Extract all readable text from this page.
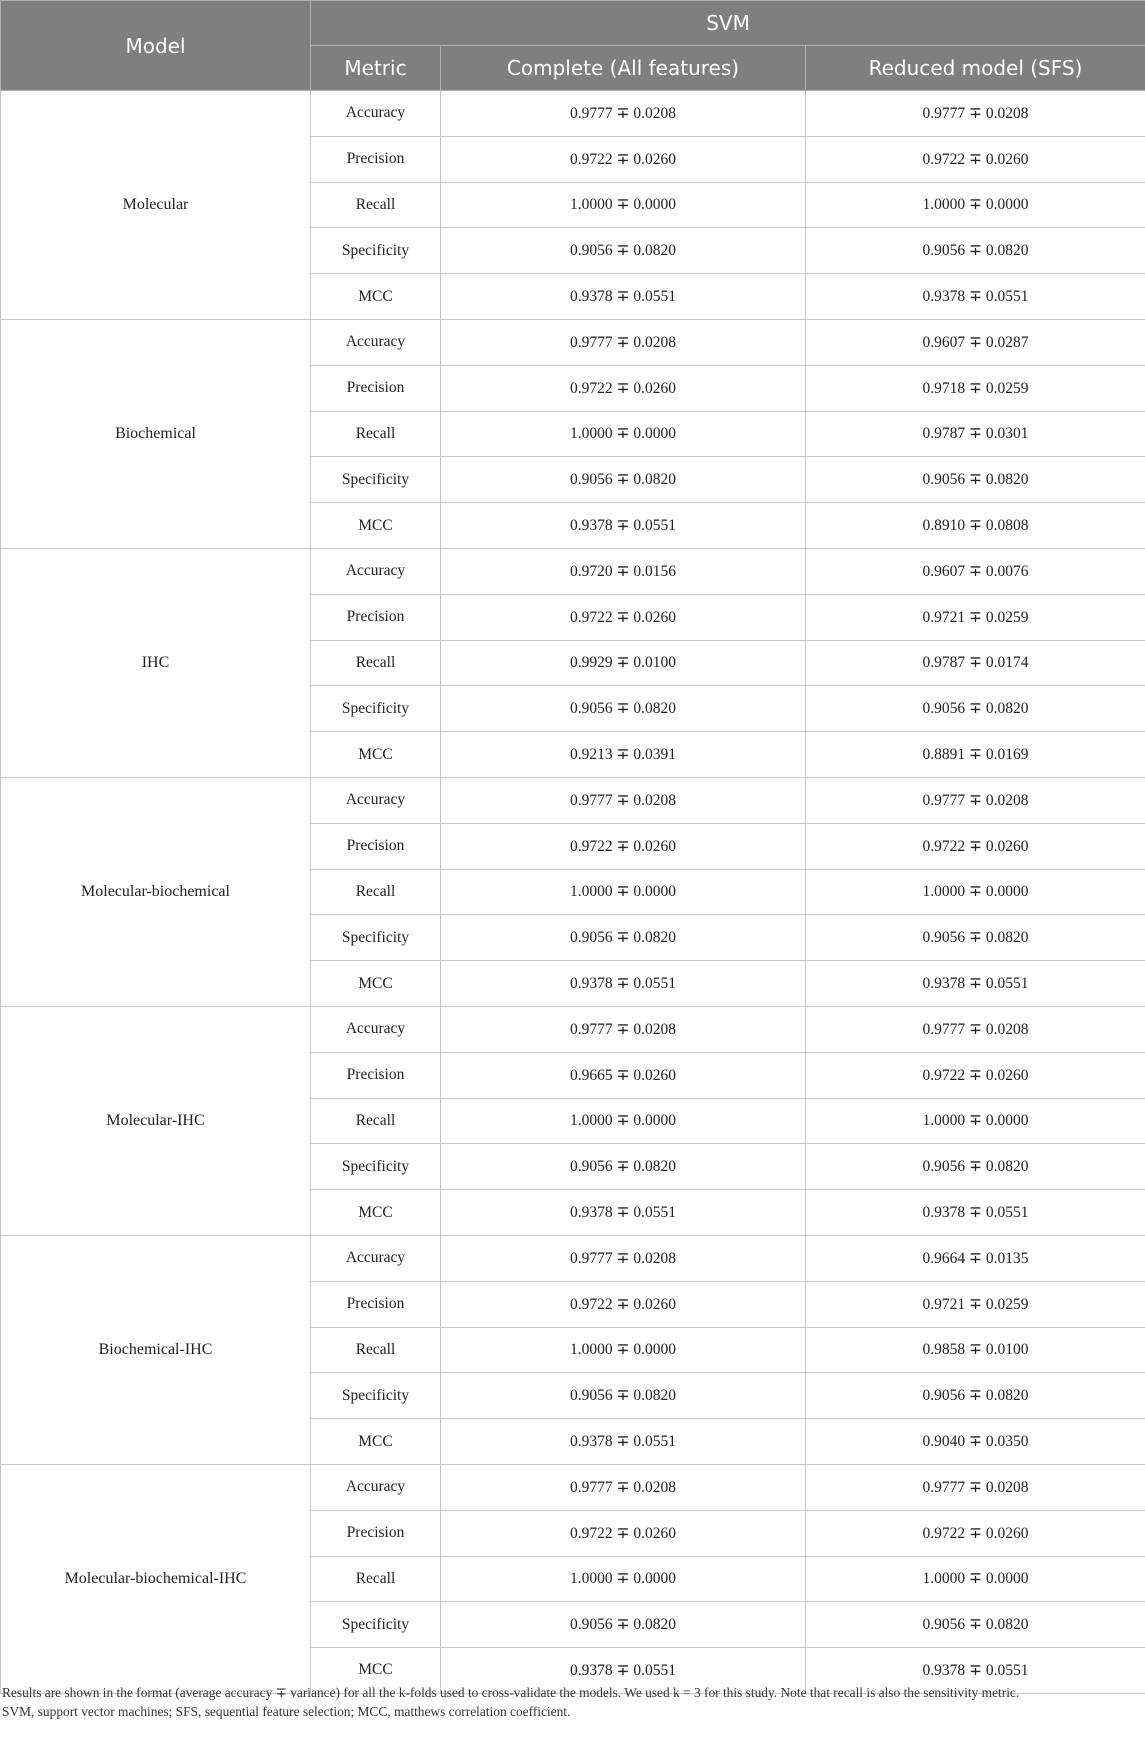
Model	SVM		
	Metric	Complete (All features)	Reduced model (SFS)
Molecular	Accuracy	0.9777 ∓ 0.0208	0.9777 ∓ 0.0208
	Precision	0.9722 ∓ 0.0260	0.9722 ∓ 0.0260
	Recall	1.0000 ∓ 0.0000	1.0000 ∓ 0.0000
	Specificity	0.9056 ∓ 0.0820	0.9056 ∓ 0.0820
	MCC	0.9378 ∓ 0.0551	0.9378 ∓ 0.0551
Biochemical	Accuracy	0.9777 ∓ 0.0208	0.9607 ∓ 0.0287
	Precision	0.9722 ∓ 0.0260	0.9718 ∓ 0.0259
	Recall	1.0000 ∓ 0.0000	0.9787 ∓ 0.0301
	Specificity	0.9056 ∓ 0.0820	0.9056 ∓ 0.0820
	MCC	0.9378 ∓ 0.0551	0.8910 ∓ 0.0808
IHC	Accuracy	0.9720 ∓ 0.0156	0.9607 ∓ 0.0076
	Precision	0.9722 ∓ 0.0260	0.9721 ∓ 0.0259
	Recall	0.9929 ∓ 0.0100	0.9787 ∓ 0.0174
	Specificity	0.9056 ∓ 0.0820	0.9056 ∓ 0.0820
	MCC	0.9213 ∓ 0.0391	0.8891 ∓ 0.0169
Molecular-biochemical	Accuracy	0.9777 ∓ 0.0208	0.9777 ∓ 0.0208
	Precision	0.9722 ∓ 0.0260	0.9722 ∓ 0.0260
	Recall	1.0000 ∓ 0.0000	1.0000 ∓ 0.0000
	Specificity	0.9056 ∓ 0.0820	0.9056 ∓ 0.0820
	MCC	0.9378 ∓ 0.0551	0.9378 ∓ 0.0551
Molecular-IHC	Accuracy	0.9777 ∓ 0.0208	0.9777 ∓ 0.0208
	Precision	0.9665 ∓ 0.0260	0.9722 ∓ 0.0260
	Recall	1.0000 ∓ 0.0000	1.0000 ∓ 0.0000
	Specificity	0.9056 ∓ 0.0820	0.9056 ∓ 0.0820
	MCC	0.9378 ∓ 0.0551	0.9378 ∓ 0.0551
Biochemical-IHC	Accuracy	0.9777 ∓ 0.0208	0.9664 ∓ 0.0135
	Precision	0.9722 ∓ 0.0260	0.9721 ∓ 0.0259
	Recall	1.0000 ∓ 0.0000	0.9858 ∓ 0.0100
	Specificity	0.9056 ∓ 0.0820	0.9056 ∓ 0.0820
	MCC	0.9378 ∓ 0.0551	0.9040 ∓ 0.0350
Molecular-biochemical-IHC	Accuracy	0.9777 ∓ 0.0208	0.9777 ∓ 0.0208
	Precision	0.9722 ∓ 0.0260	0.9722 ∓ 0.0260
	Recall	1.0000 ∓ 0.0000	1.0000 ∓ 0.0000
	Specificity	0.9056 ∓ 0.0820	0.9056 ∓ 0.0820
	MCC	0.9378 ∓ 0.0551	0.9378 ∓ 0.0551

Results are shown in the format (average accuracy ∓ variance) for all the k-folds used to cross-validate the models. We used k = 3 for this study. Note that recall is also the sensitivity metric.

SVM, support vector machines; SFS, sequential feature selection; MCC, matthews correlation coefficient.
